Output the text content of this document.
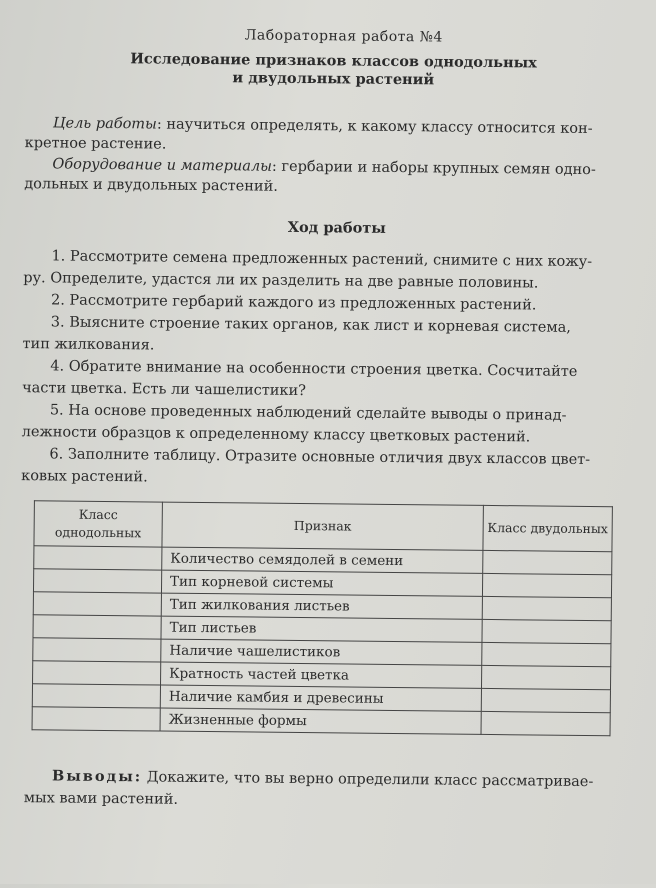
Лабораторная работа №4
Исследование признаков классов однодольных
и двудольных растений
Цель работы: научиться определять, к какому классу относится кон-
кретное растение.
Оборудование и материалы: гербарии и наборы крупных семян одно-
дольных и двудольных растений.
Ход работы
1. Рассмотрите семена предложенных растений, снимите с них кожу-
ру. Определите, удастся ли их разделить на две равные половины.
2. Рассмотрите гербарий каждого из предложенных растений.
3. Выясните строение таких органов, как лист и корневая система,
тип жилкования.
4. Обратите внимание на особенности строения цветка. Сосчитайте
части цветка. Есть ли чашелистики?
5. На основе проведенных наблюдений сделайте выводы о принад-
лежности образцов к определенному классу цветковых растений.
6. Заполните таблицу. Отразите основные отличия двух классов цвет-
ковых растений.
Класс однодольных	Признак	Класс двудольных
	Количество семядолей в семени	
	Тип корневой системы	
	Тип жилкования листьев	
	Тип листьев	
	Наличие чашелистиков	
	Кратность частей цветка	
	Наличие камбия и древесины	
	Жизненные формы	
Выводы: Докажите, что вы верно определили класс рассматривае-
мых вами растений.
